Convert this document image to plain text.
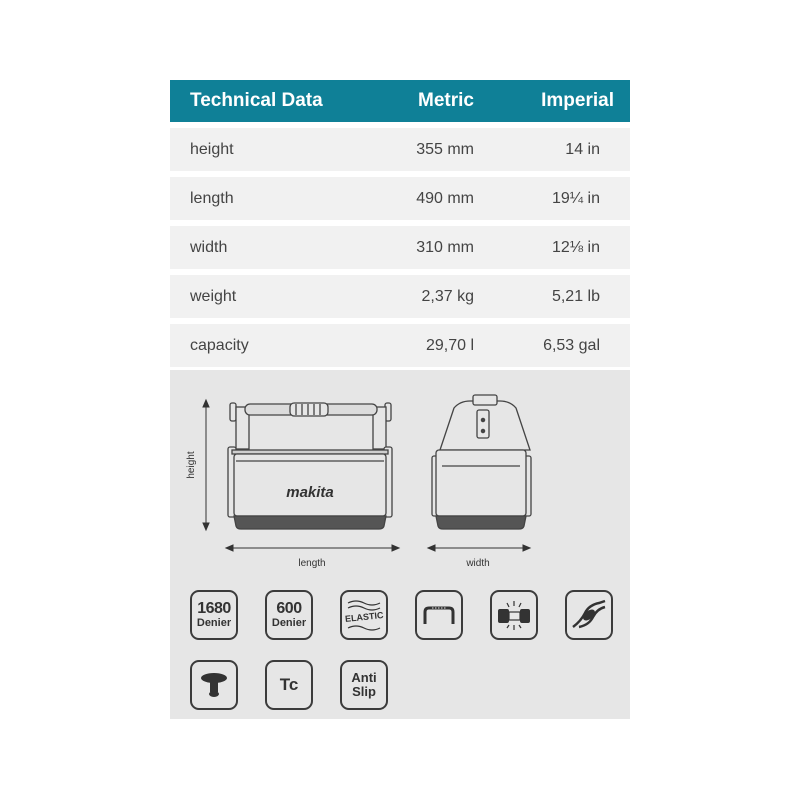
Technical Data	Metric	Imperial
height	355 mm	14 in
length	490 mm	19¼ in
width	310 mm	12⅛ in
weight	2,37 kg	5,21 lb
capacity	29,70 l	6,53 gal
height
makita
length	width
1680
Denier
600
Denier	ELASTIC
Tc	Anti
Slip
